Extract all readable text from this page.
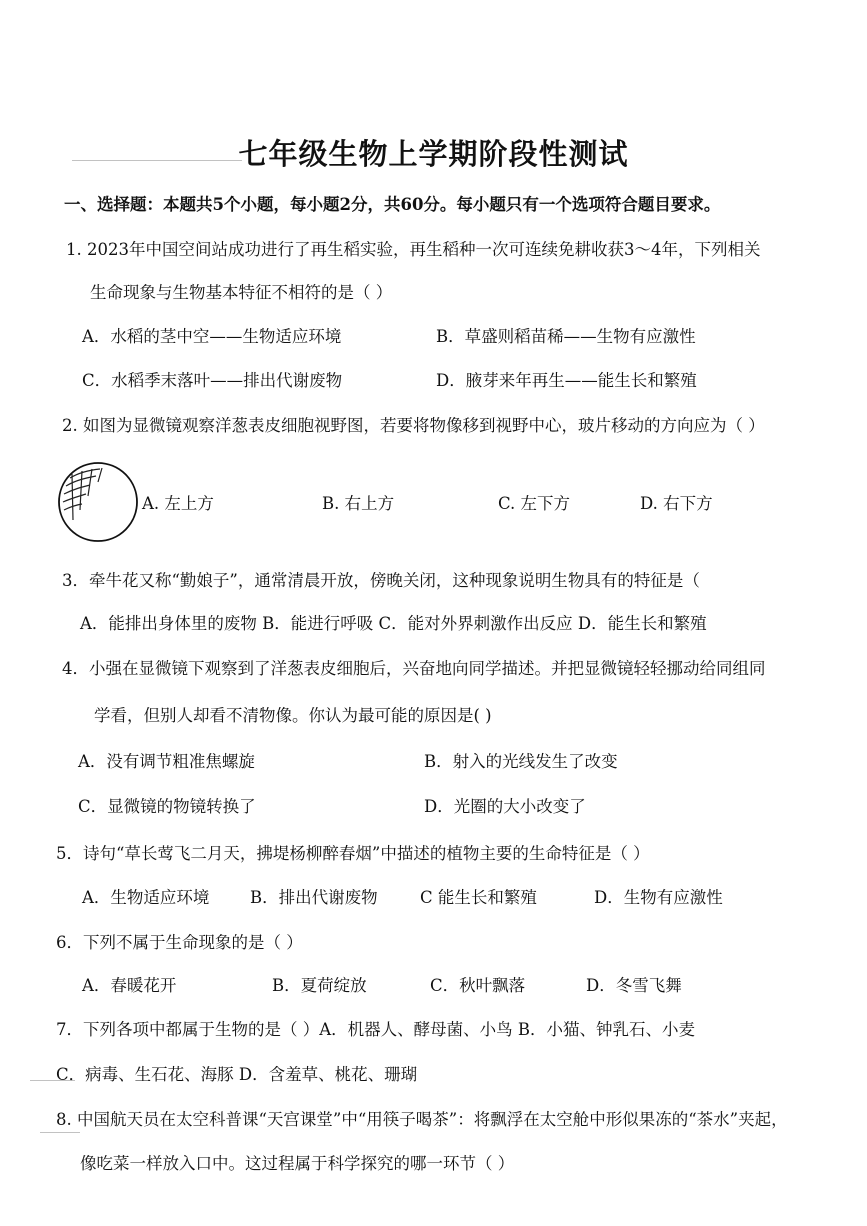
七年级生物上学期阶段性测试
一、选择题：本题共5个小题，每小题2分，共60分。每小题只有一个选项符合题目要求。
1. 2023年中国空间站成功进行了再生稻实验，再生稻种一次可连续免耕收获3～4年，下列相关
生命现象与生物基本特征不相符的是（ ）
A．水稻的茎中空——生物适应环境	B．草盛则稻苗稀——生物有应激性
C．水稻季末落叶——排出代谢废物	D．腋芽来年再生——能生长和繁殖
2. 如图为显微镜观察洋葱表皮细胞视野图，若要将物像移到视野中心，玻片移动的方向应为（ ）
A. 左上方	B. 右上方	C. 左下方	D. 右下方
3．牵牛花又称“勤娘子”，通常清晨开放，傍晚关闭，这种现象说明生物具有的特征是（
A．能排出身体里的废物 B．能进行呼吸 C．能对外界刺激作出反应 D．能生长和繁殖
4．小强在显微镜下观察到了洋葱表皮细胞后，兴奋地向同学描述。并把显微镜轻轻挪动给同组同
学看，但别人却看不清物像。你认为最可能的原因是( )
A．没有调节粗准焦螺旋	B．射入的光线发生了改变
C．显微镜的物镜转换了	D．光圈的大小改变了
5．诗句“草长莺飞二月天，拂堤杨柳醉春烟”中描述的植物主要的生命特征是（ ）
A．生物适应环境 B．排出代谢废物	C 能生长和繁殖	D．生物有应激性
6．下列不属于生命现象的是（ ）
A．春暖花开	B．夏荷绽放	C．秋叶飘落	D．冬雪飞舞
7．下列各项中都属于生物的是（ ）A．机器人、酵母菌、小鸟 B．小猫、钟乳石、小麦
C．病毒、生石花、海豚 D．含羞草、桃花、珊瑚
8. 中国航天员在太空科普课“天宫课堂”中“用筷子喝茶”：将飘浮在太空舱中形似果冻的“茶水”夹起，
像吃菜一样放入口中。这过程属于科学探究的哪一环节（ ）
